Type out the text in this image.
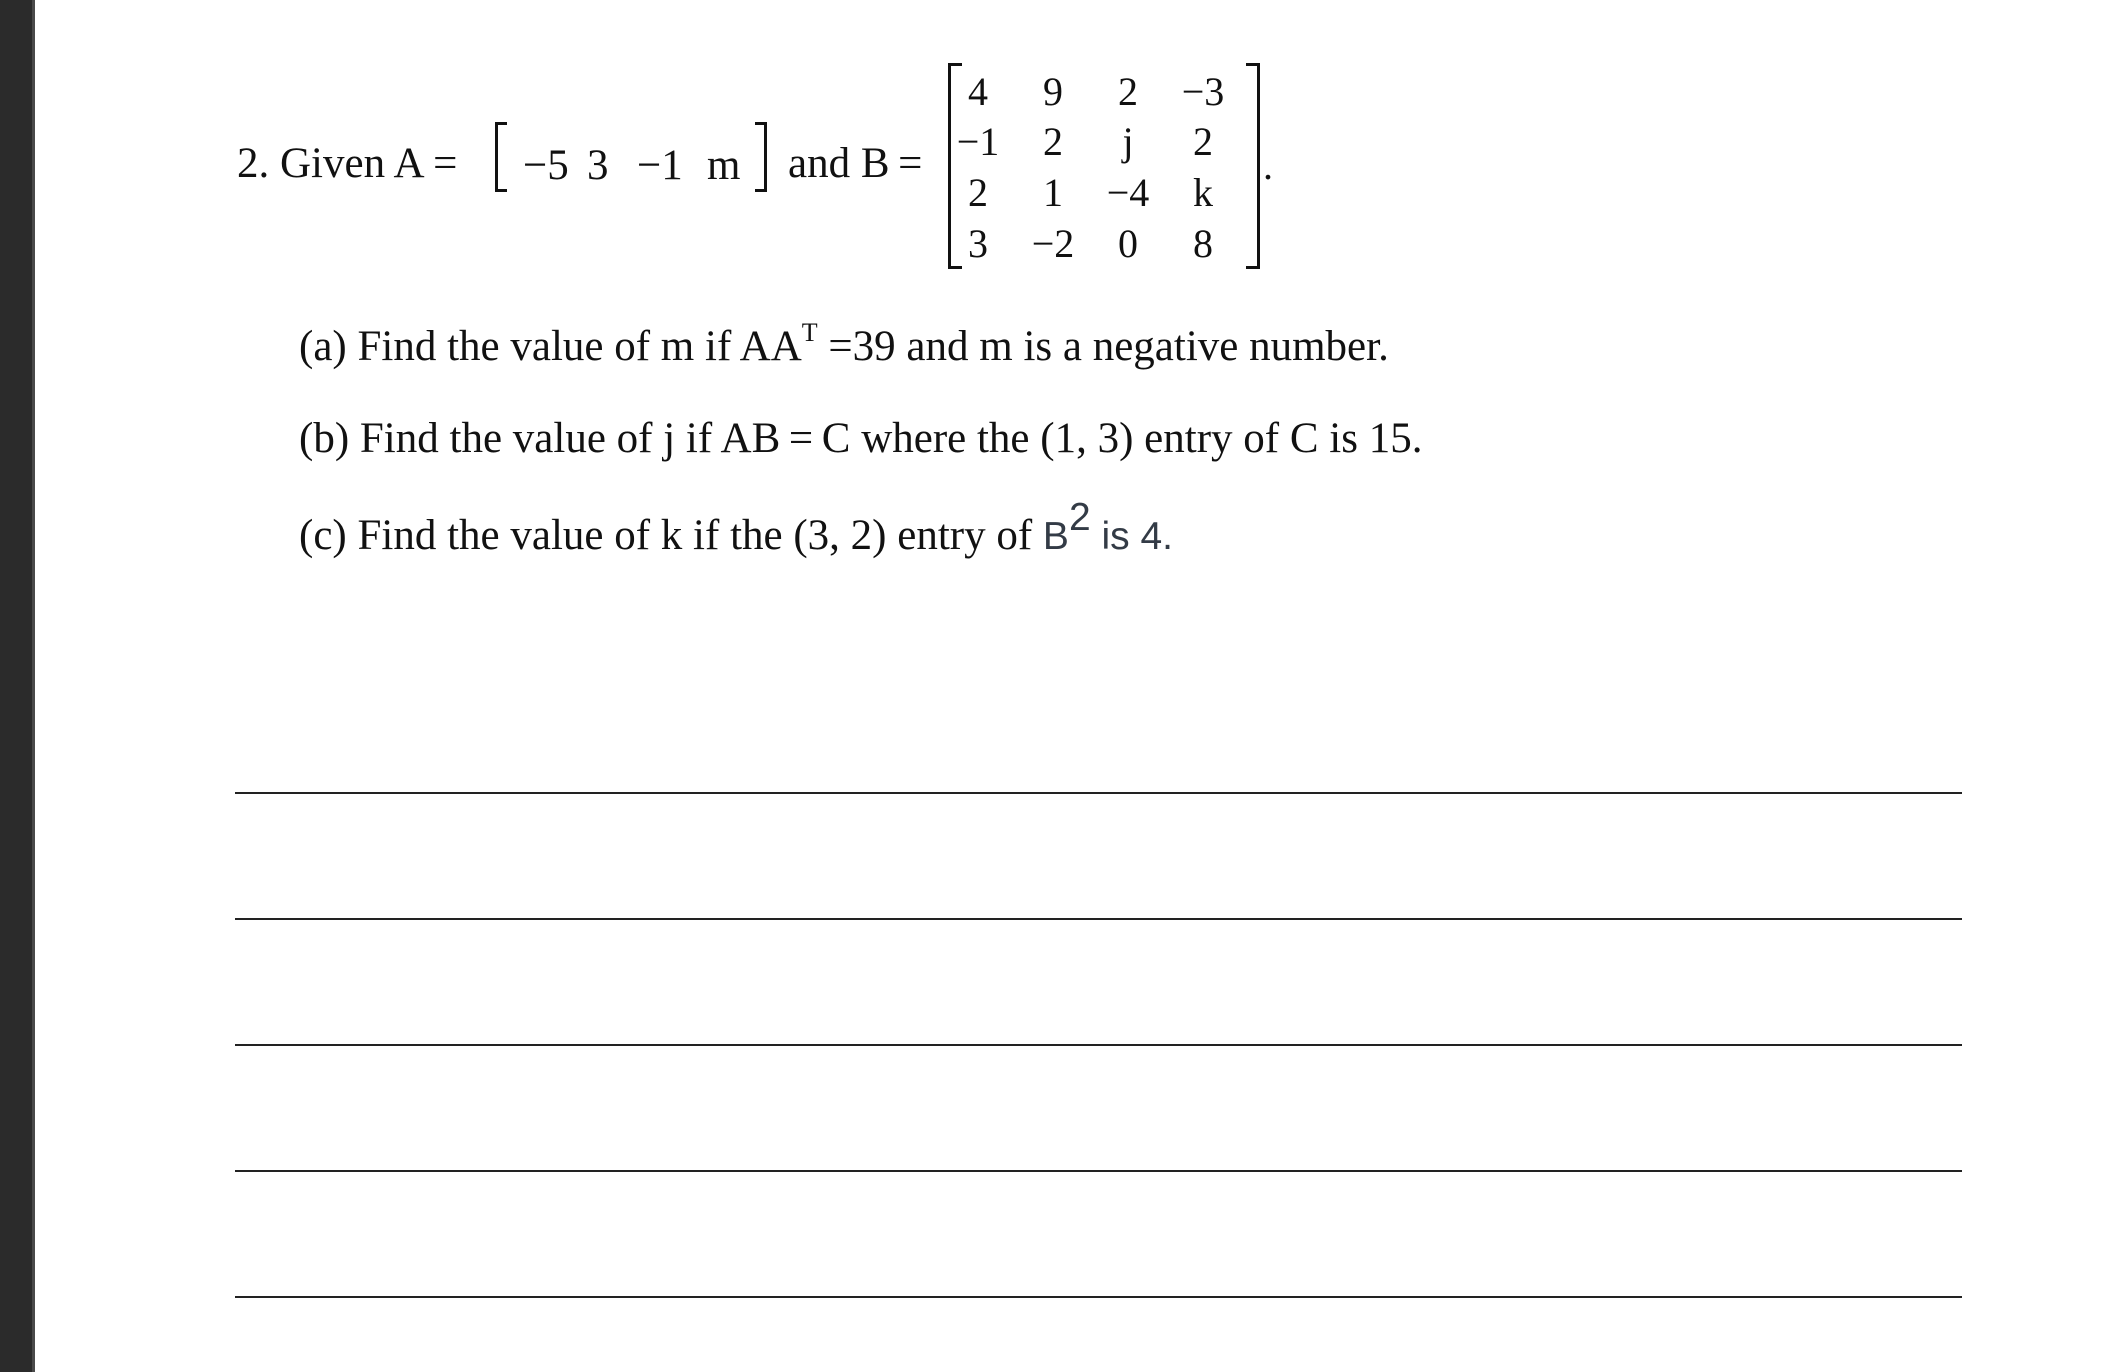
2. Given A = −5 3 −1 m and B =
4	9	2	−3
−1	2	j	2
2	1	−4	k
3	−2	0	8
.
(a) Find the value of m if $AA^T =39$ and m is a negative number.
(b) Find the value of j if AB = C where the (1, 3) entry of C is 15.
(c) Find the value of k if the (3, 2) entry of B2 is 4.
